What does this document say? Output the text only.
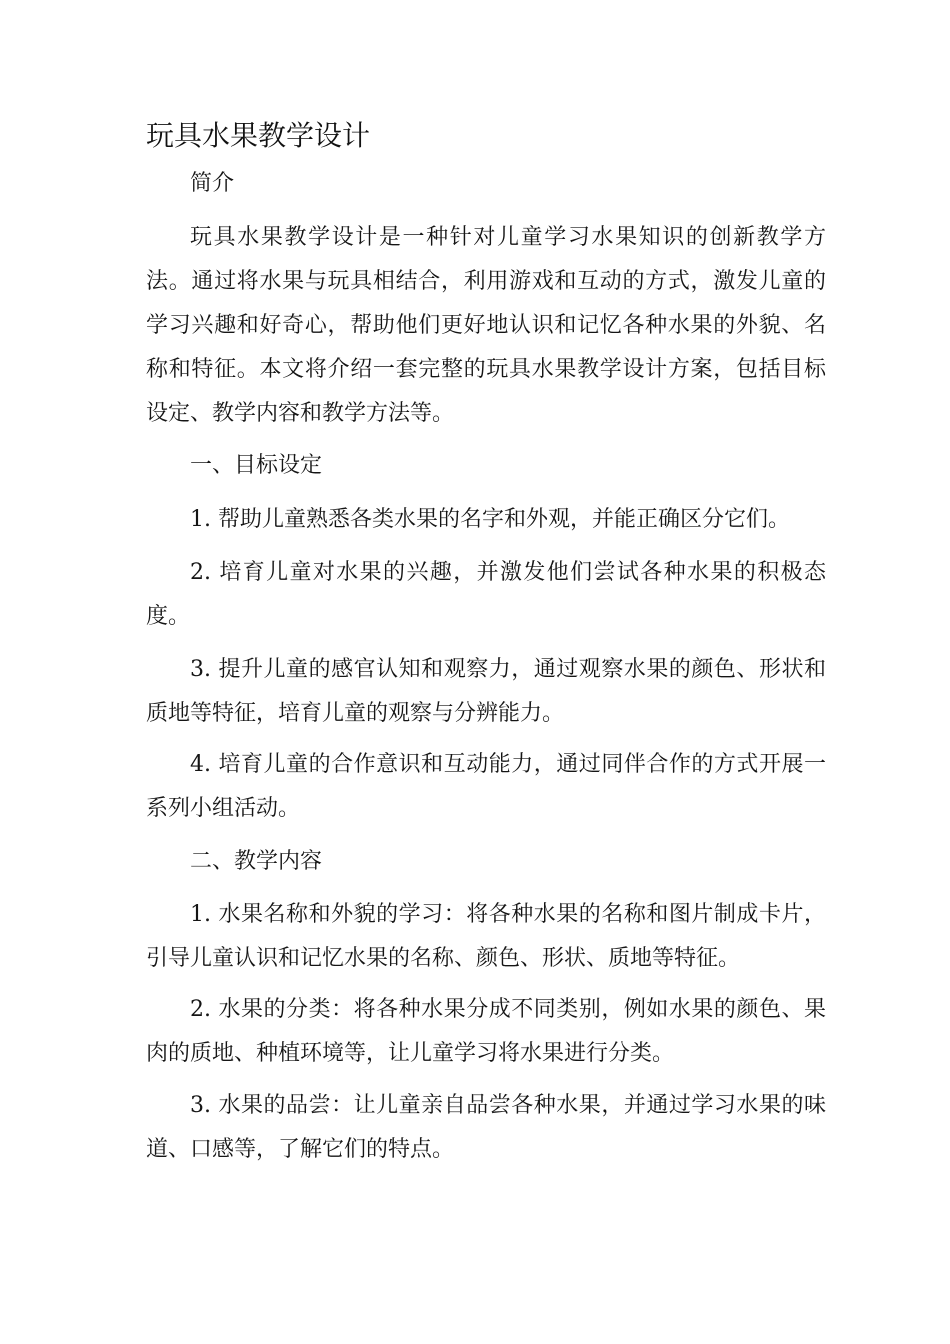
玩具水果教学设计
简介
玩具水果教学设计是一种针对儿童学习水果知识的创新教学方法。通过将水果与玩具相结合，利用游戏和互动的方式，激发儿童的学习兴趣和好奇心，帮助他们更好地认识和记忆各种水果的外貌、名称和特征。本文将介绍一套完整的玩具水果教学设计方案，包括目标设定、教学内容和教学方法等。
一、目标设定
1. 帮助儿童熟悉各类水果的名字和外观，并能正确区分它们。
2. 培育儿童对水果的兴趣，并激发他们尝试各种水果的积极态度。
3. 提升儿童的感官认知和观察力，通过观察水果的颜色、形状和质地等特征，培育儿童的观察与分辨能力。
4. 培育儿童的合作意识和互动能力，通过同伴合作的方式开展一系列小组活动。
二、教学内容
1. 水果名称和外貌的学习：将各种水果的名称和图片制成卡片，引导儿童认识和记忆水果的名称、颜色、形状、质地等特征。
2. 水果的分类：将各种水果分成不同类别，例如水果的颜色、果肉的质地、种植环境等，让儿童学习将水果进行分类。
3. 水果的品尝：让儿童亲自品尝各种水果，并通过学习水果的味道、口感等，了解它们的特点。
